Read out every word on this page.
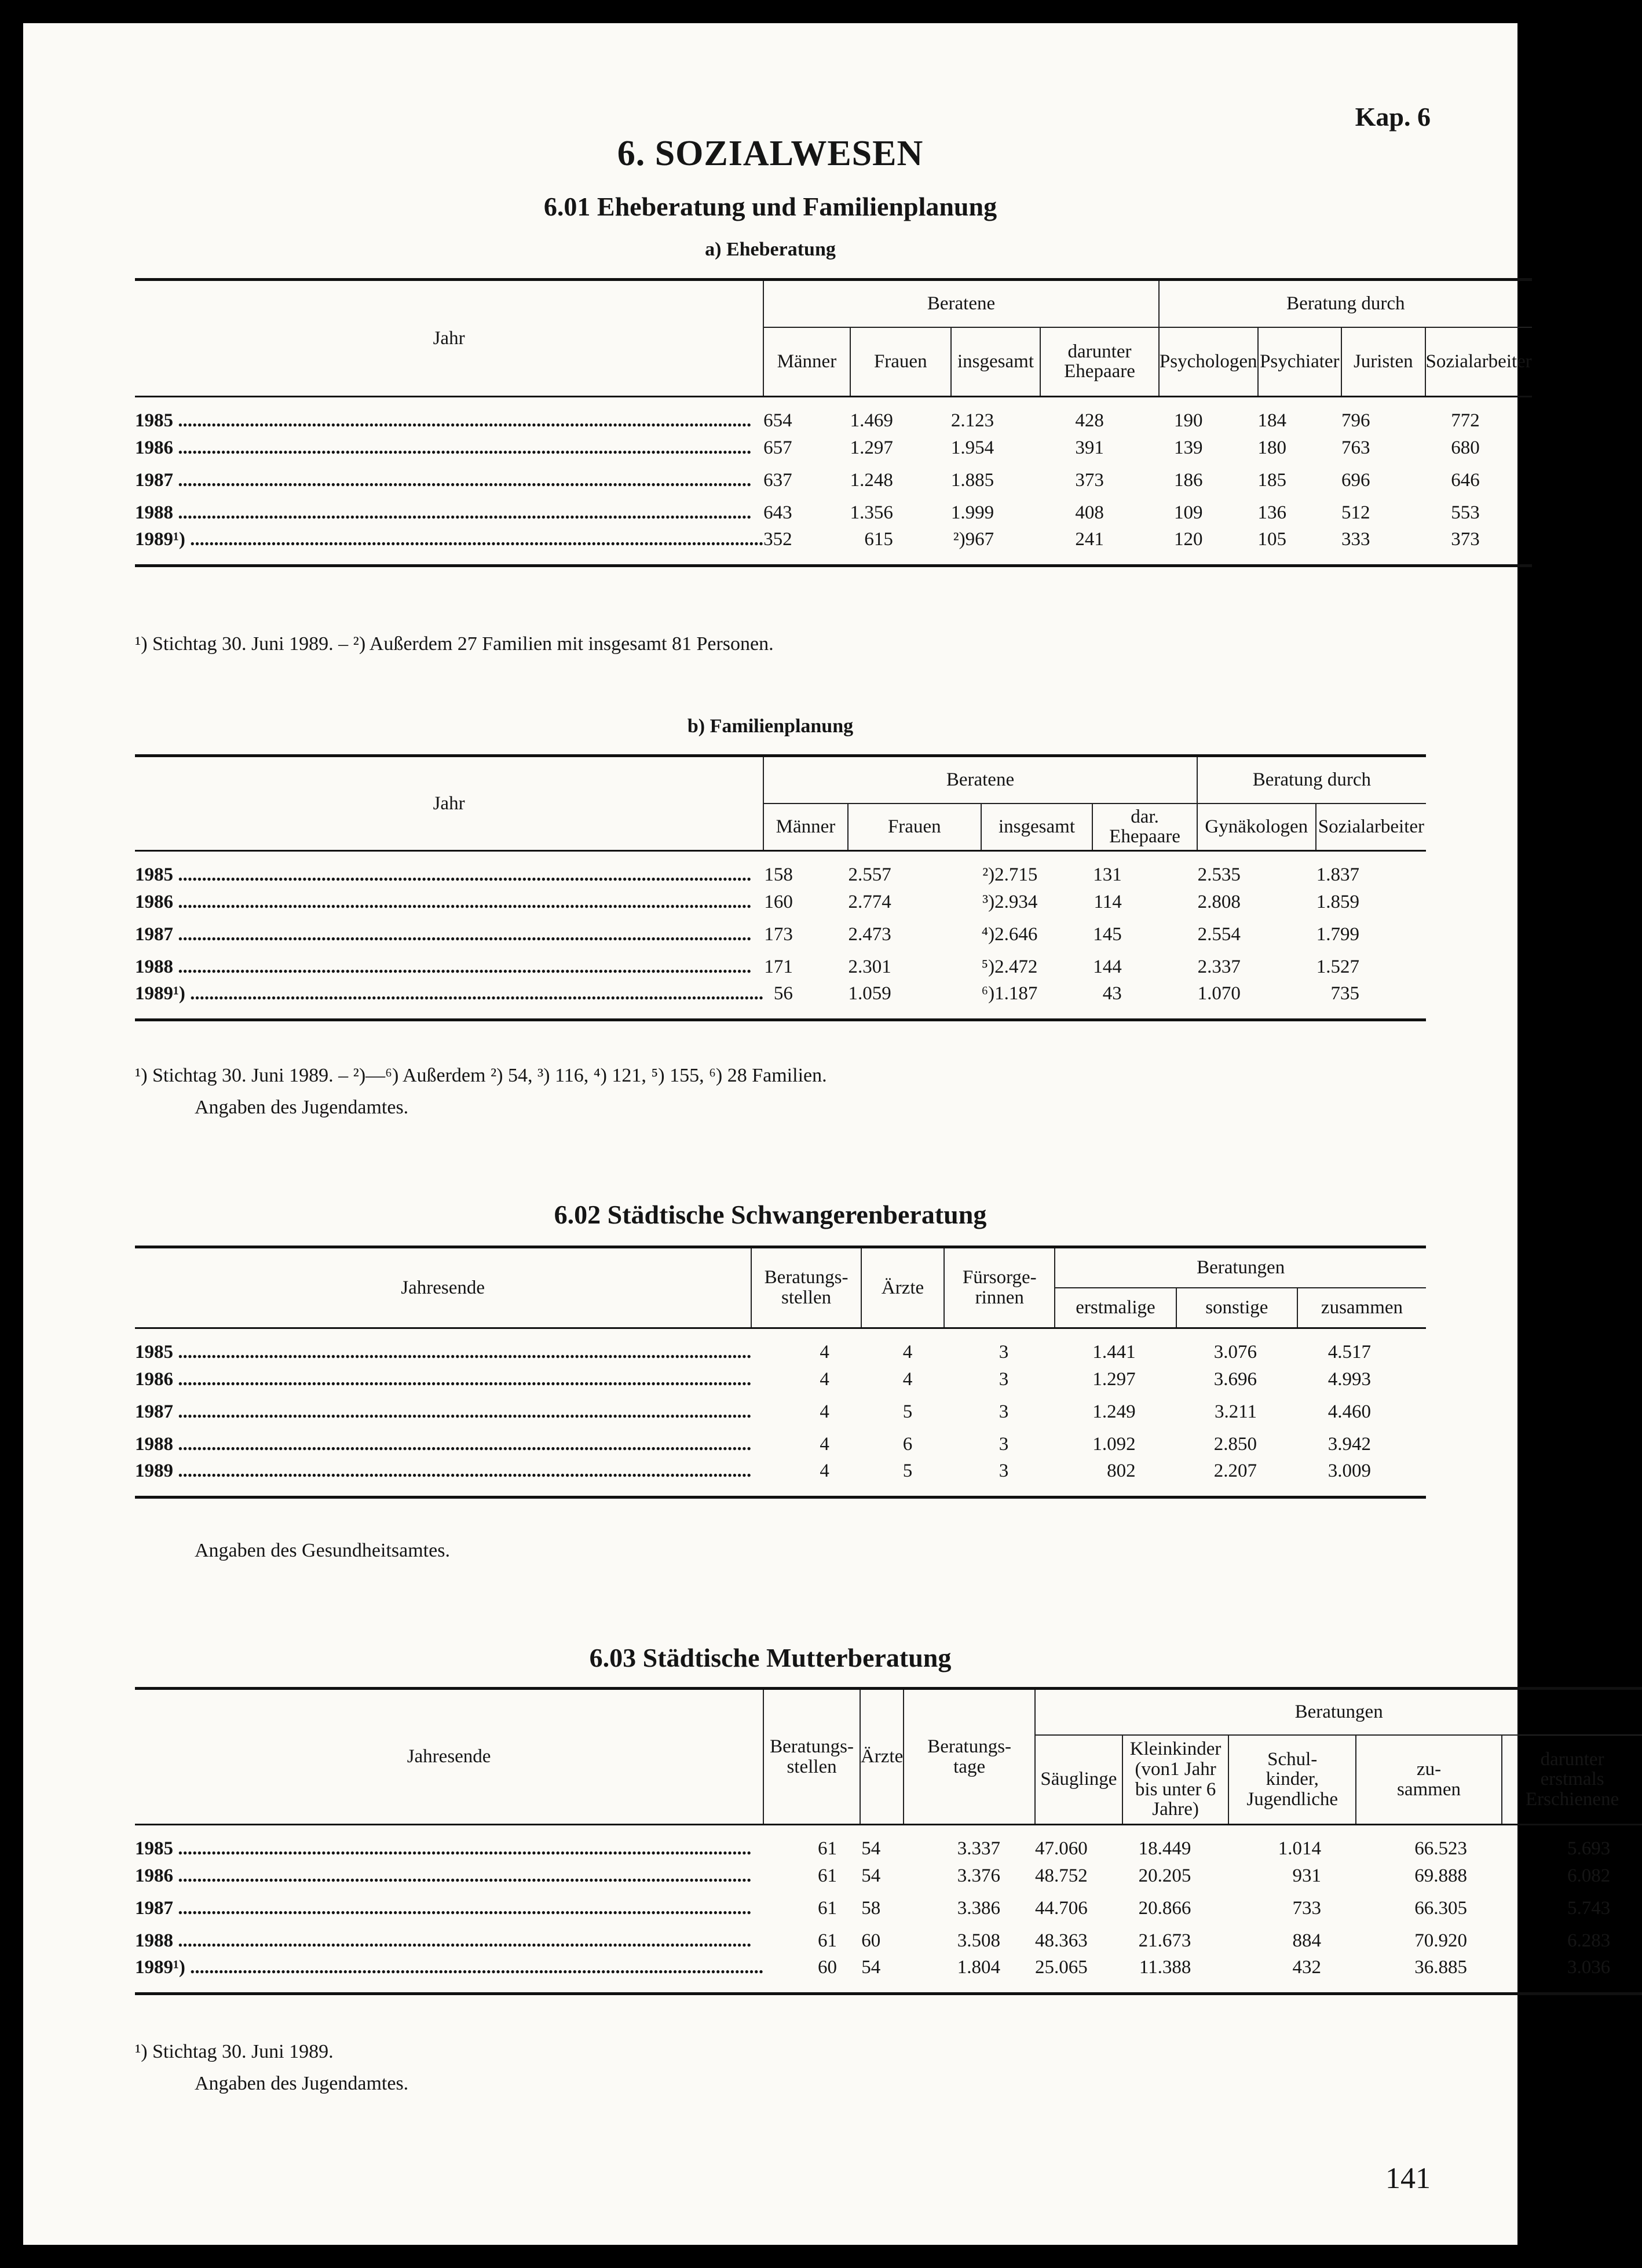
Kap. 6
6. SOZIALWESEN
6.01 Eheberatung und Familienplanung
a) Eheberatung
Jahr	Beratene				Beratung durch			
	Männer	Frauen	insgesamt	darunter Ehepaare	Psychologen	Psychiater	Juristen	Sozialarbeiter
1985 ........................................................................................................................	654	1.469	2.123	428	190	184	796	772
1986 ........................................................................................................................	657	1.297	1.954	391	139	180	763	680
1987 ........................................................................................................................	637	1.248	1.885	373	186	185	696	646
1988 ........................................................................................................................	643	1.356	1.999	408	109	136	512	553
1989¹) ........................................................................................................................	352	615	²)967	241	120	105	333	373
¹) Stichtag 30. Juni 1989. – ²) Außerdem 27 Familien mit insgesamt 81 Personen.
b) Familienplanung
Jahr	Beratene				Beratung durch	
	Männer	Frauen	insgesamt	dar. Ehepaare	Gynäkologen	Sozialarbeiter
1985 ........................................................................................................................	158	2.557	²)2.715	131	2.535	1.837
1986 ........................................................................................................................	160	2.774	³)2.934	114	2.808	1.859
1987 ........................................................................................................................	173	2.473	⁴)2.646	145	2.554	1.799
1988 ........................................................................................................................	171	2.301	⁵)2.472	144	2.337	1.527
1989¹) ........................................................................................................................	56	1.059	⁶)1.187	43	1.070	735
¹) Stichtag 30. Juni 1989. – ²)—⁶) Außerdem ²) 54, ³) 116, ⁴) 121, ⁵) 155, ⁶) 28 Familien.
Angaben des Jugendamtes.
6.02 Städtische Schwangerenberatung
Jahresende	Beratungs-stellen	Ärzte	Fürsorge-rinnen	Beratungen		
				erstmalige	sonstige	zusammen
1985 ........................................................................................................................	4	4	3	1.441	3.076	4.517
1986 ........................................................................................................................	4	4	3	1.297	3.696	4.993
1987 ........................................................................................................................	4	5	3	1.249	3.211	4.460
1988 ........................................................................................................................	4	6	3	1.092	2.850	3.942
1989 ........................................................................................................................	4	5	3	802	2.207	3.009
Angaben des Gesundheitsamtes.
6.03 Städtische Mutterberatung
Jahresende	Beratungs-stellen	Ärzte	Beratungs-tage	Beratungen				
				Säuglinge	Kleinkinder (von1 Jahr bis unter 6 Jahre)	Schul-kinder, Jugendliche	zu-sammen	darunter erstmals Erschienene
1985 ........................................................................................................................	61	54	3.337	47.060	18.449	1.014	66.523	5.693
1986 ........................................................................................................................	61	54	3.376	48.752	20.205	931	69.888	6.082
1987 ........................................................................................................................	61	58	3.386	44.706	20.866	733	66.305	5.743
1988 ........................................................................................................................	61	60	3.508	48.363	21.673	884	70.920	6.283
1989¹) ........................................................................................................................	60	54	1.804	25.065	11.388	432	36.885	3.036
¹) Stichtag 30. Juni 1989.
Angaben des Jugendamtes.
141
